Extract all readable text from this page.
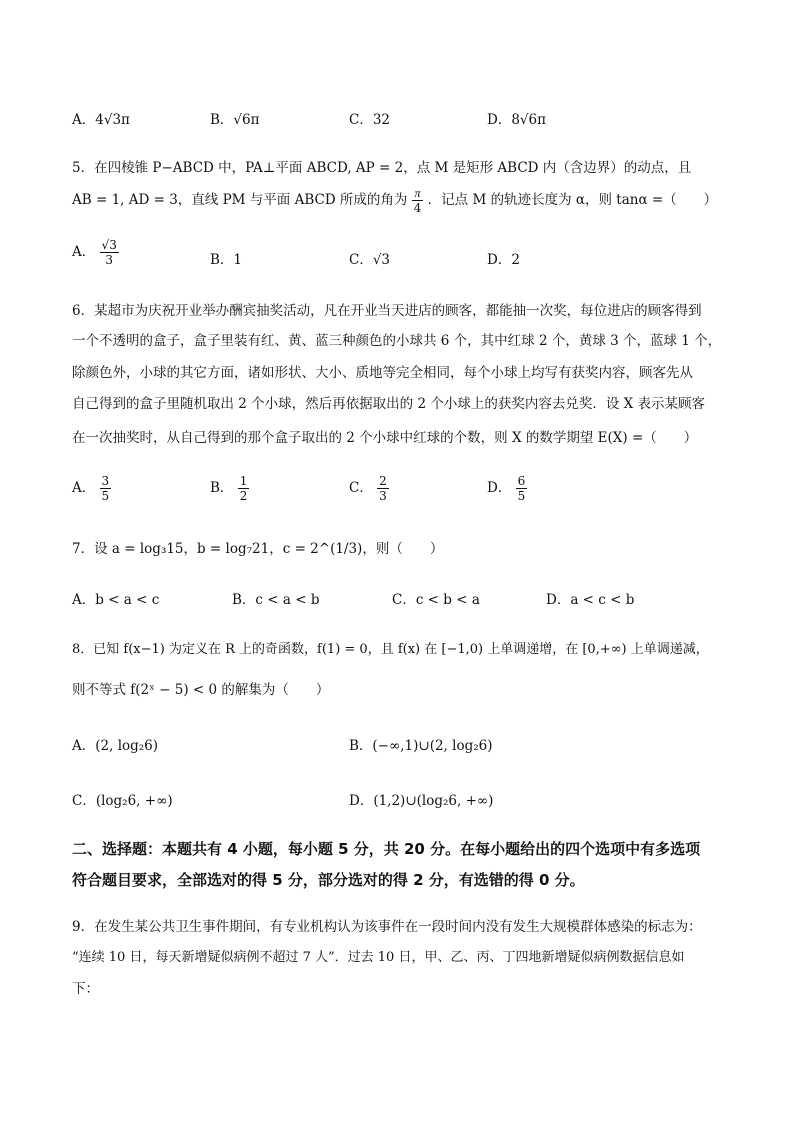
A．4√3π	B．√6π	C．32	D．8√6π
5．在四棱锥 P−ABCD 中，PA⊥平面 ABCD, AP = 2，点 M 是矩形 ABCD 内（含边界）的动点，且
AB = 1, AD = 3，直线 PM 与平面 ABCD 所成的角为 $\frac{\pi}{4}$ ．记点 M 的轨迹长度为 α，则 tanα =（　　）
A． $\frac{√3}{3}$	B．1	C．√3	D．2
6．某超市为庆祝开业举办酬宾抽奖活动，凡在开业当天进店的顾客，都能抽一次奖，每位进店的顾客得到
一个不透明的盒子，盒子里装有红、黄、蓝三种颜色的小球共 6 个，其中红球 2 个，黄球 3 个，蓝球 1 个，
除颜色外，小球的其它方面，诸如形状、大小、质地等完全相同，每个小球上均写有获奖内容，顾客先从
自己得到的盒子里随机取出 2 个小球，然后再依据取出的 2 个小球上的获奖内容去兑奖．设 X 表示某顾客
在一次抽奖时，从自己得到的那个盒子取出的 2 个小球中红球的个数，则 X 的数学期望 E(X) =（　　）
A． $\frac{3}{5}$	B． $\frac{1}{2}$	C． $\frac{2}{3}$	D． $\frac{6}{5}$
7．设 a = log₃15，b = log₇21，c = 2^(1/3)，则（　　）
A．b < a < c	B．c < a < b	C．c < b < a	D．a < c < b
8．已知 f(x−1) 为定义在 R 上的奇函数，f(1) = 0，且 f(x) 在 [−1,0) 上单调递增，在 [0,+∞) 上单调递减，
则不等式 f(2ˣ − 5) < 0 的解集为（　　）
A．(2, log₂6)	B．(−∞,1)∪(2, log₂6)
C．(log₂6, +∞)	D．(1,2)∪(log₂6, +∞)
二、选择题：本题共有 4 小题，每小题 5 分，共 20 分。在每小题给出的四个选项中有多选项
符合题目要求，全部选对的得 5 分，部分选对的得 2 分，有选错的得 0 分。
9．在发生某公共卫生事件期间，有专业机构认为该事件在一段时间内没有发生大规模群体感染的标志为：
“连续 10 日，每天新增疑似病例不超过 7 人”．过去 10 日，甲、乙、丙、丁四地新增疑似病例数据信息如
下：
